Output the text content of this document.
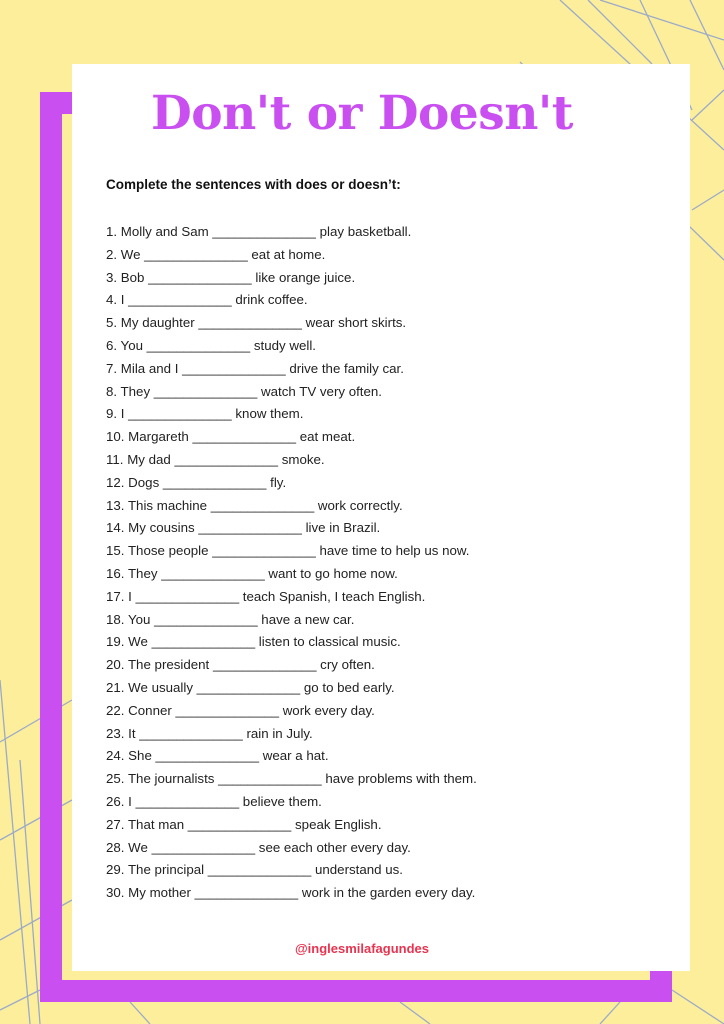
Don't or Doesn't

Complete the sentences with does or doesn’t:

1. Molly and Sam ______________ play basketball.
2. We ______________ eat at home.
3. Bob ______________ like orange juice.
4. I ______________ drink coffee.
5. My daughter ______________ wear short skirts.
6. You ______________ study well.
7. Mila and I ______________ drive the family car.
8. They ______________ watch TV very often.
9. I ______________ know them.
10. Margareth ______________ eat meat.
11. My dad ______________ smoke.
12. Dogs ______________ fly.
13. This machine ______________ work correctly.
14. My cousins ______________ live in Brazil.
15. Those people ______________ have time to help us now.
16. They ______________ want to go home now.
17. I ______________ teach Spanish, I teach English.
18. You ______________ have a new car.
19. We ______________ listen to classical music.
20. The president ______________ cry often.
21. We usually ______________ go to bed early.
22. Conner ______________ work every day.
23. It ______________ rain in July.
24. She ______________ wear a hat.
25. The journalists ______________ have problems with them.
26. I ______________ believe them.
27. That man ______________ speak English.
28. We ______________ see each other every day.
29. The principal ______________ understand us.
30. My mother ______________ work in the garden every day.
@inglesmilafagundes
